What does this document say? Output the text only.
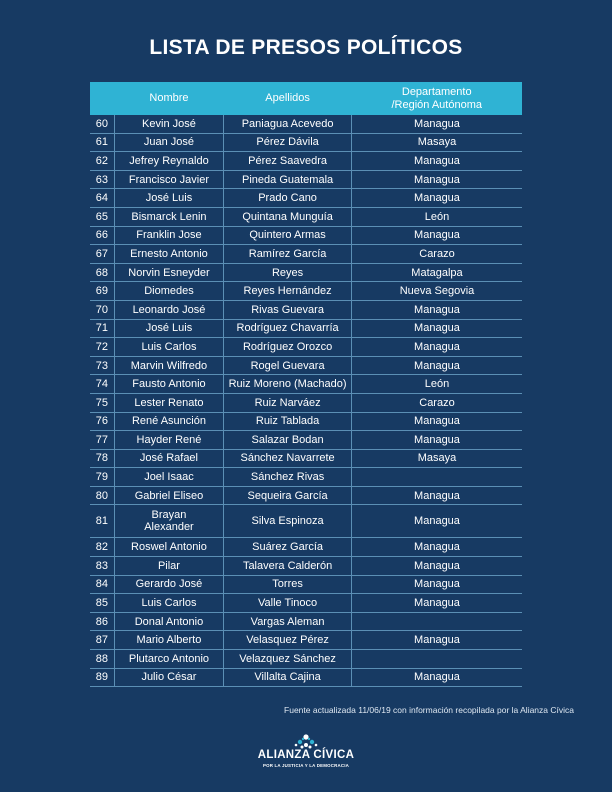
LISTA DE PRESOS POLÍTICOS
	Nombre	Apellidos	Departamento
/Región Autónoma
60	Kevin José	Paniagua Acevedo	Managua
61	Juan José	Pérez Dávila	Masaya
62	Jefrey Reynaldo	Pérez Saavedra	Managua
63	Francisco Javier	Pineda Guatemala	Managua
64	José Luis	Prado Cano	Managua
65	Bismarck Lenin	Quintana Munguía	León
66	Franklin Jose	Quintero Armas	Managua
67	Ernesto Antonio	Ramírez García	Carazo
68	Norvin Esneyder	Reyes	Matagalpa
69	Diomedes	Reyes Hernández	Nueva Segovia
70	Leonardo José	Rivas Guevara	Managua
71	José Luis	Rodríguez Chavarría	Managua
72	Luis Carlos	Rodríguez Orozco	Managua
73	Marvin Wilfredo	Rogel Guevara	Managua
74	Fausto Antonio	Ruiz Moreno (Machado)	León
75	Lester Renato	Ruiz Narváez	Carazo
76	René Asunción	Ruiz Tablada	Managua
77	Hayder René	Salazar Bodan	Managua
78	José Rafael	Sánchez Navarrete	Masaya
79	Joel Isaac	Sánchez Rivas	
80	Gabriel Eliseo	Sequeira García	Managua
81	Brayan
Alexander	Silva Espinoza	Managua
82	Roswel Antonio	Suárez García	Managua
83	Pilar	Talavera Calderón	Managua
84	Gerardo José	Torres	Managua
85	Luis Carlos	Valle Tinoco	Managua
86	Donal Antonio	Vargas Aleman	
87	Mario Alberto	Velasquez Pérez	Managua
88	Plutarco Antonio	Velazquez Sánchez	
89	Julio César	Villalta Cajina	Managua
Fuente actualizada 11/06/19 con información recopilada por la Alianza Cívica
ALIANZA CÍVICA
POR LA JUSTICIA Y LA DEMOCRACIA
